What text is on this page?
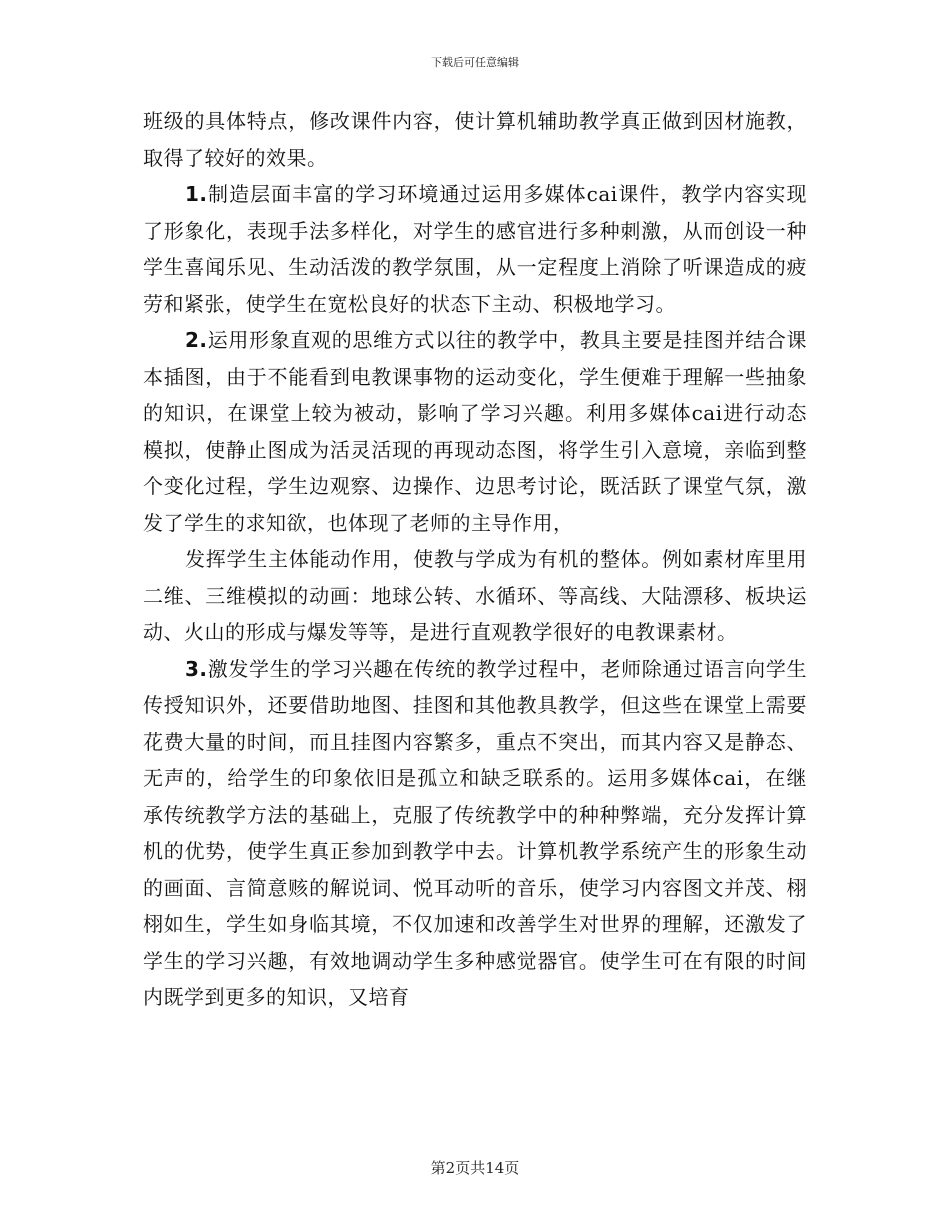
下载后可任意编辑

班级的具体特点，修改课件内容，使计算机辅助教学真正做到因材施教，取得了较好的效果。

1.制造层面丰富的学习环境通过运用多媒体cai课件，教学内容实现了形象化，表现手法多样化，对学生的感官进行多种刺激，从而创设一种学生喜闻乐见、生动活泼的教学氛围，从一定程度上消除了听课造成的疲劳和紧张，使学生在宽松良好的状态下主动、积极地学习。

2.运用形象直观的思维方式以往的教学中，教具主要是挂图并结合课本插图，由于不能看到电教课事物的运动变化，学生便难于理解一些抽象的知识，在课堂上较为被动，影响了学习兴趣。利用多媒体cai进行动态模拟，使静止图成为活灵活现的再现动态图，将学生引入意境，亲临到整个变化过程，学生边观察、边操作、边思考讨论，既活跃了课堂气氛，激发了学生的求知欲，也体现了老师的主导作用，

发挥学生主体能动作用，使教与学成为有机的整体。例如素材库里用二维、三维模拟的动画：地球公转、水循环、等高线、大陆漂移、板块运动、火山的形成与爆发等等，是进行直观教学很好的电教课素材。

3.激发学生的学习兴趣在传统的教学过程中，老师除通过语言向学生传授知识外，还要借助地图、挂图和其他教具教学，但这些在课堂上需要花费大量的时间，而且挂图内容繁多，重点不突出，而其内容又是静态、无声的，给学生的印象依旧是孤立和缺乏联系的。运用多媒体cai，在继承传统教学方法的基础上，克服了传统教学中的种种弊端，充分发挥计算机的优势，使学生真正参加到教学中去。计算机教学系统产生的形象生动的画面、言简意赅的解说词、悦耳动听的音乐，使学习内容图文并茂、栩栩如生，学生如身临其境，不仅加速和改善学生对世界的理解，还激发了学生的学习兴趣，有效地调动学生多种感觉器官。使学生可在有限的时间内既学到更多的知识，又培育

第2页共14页
